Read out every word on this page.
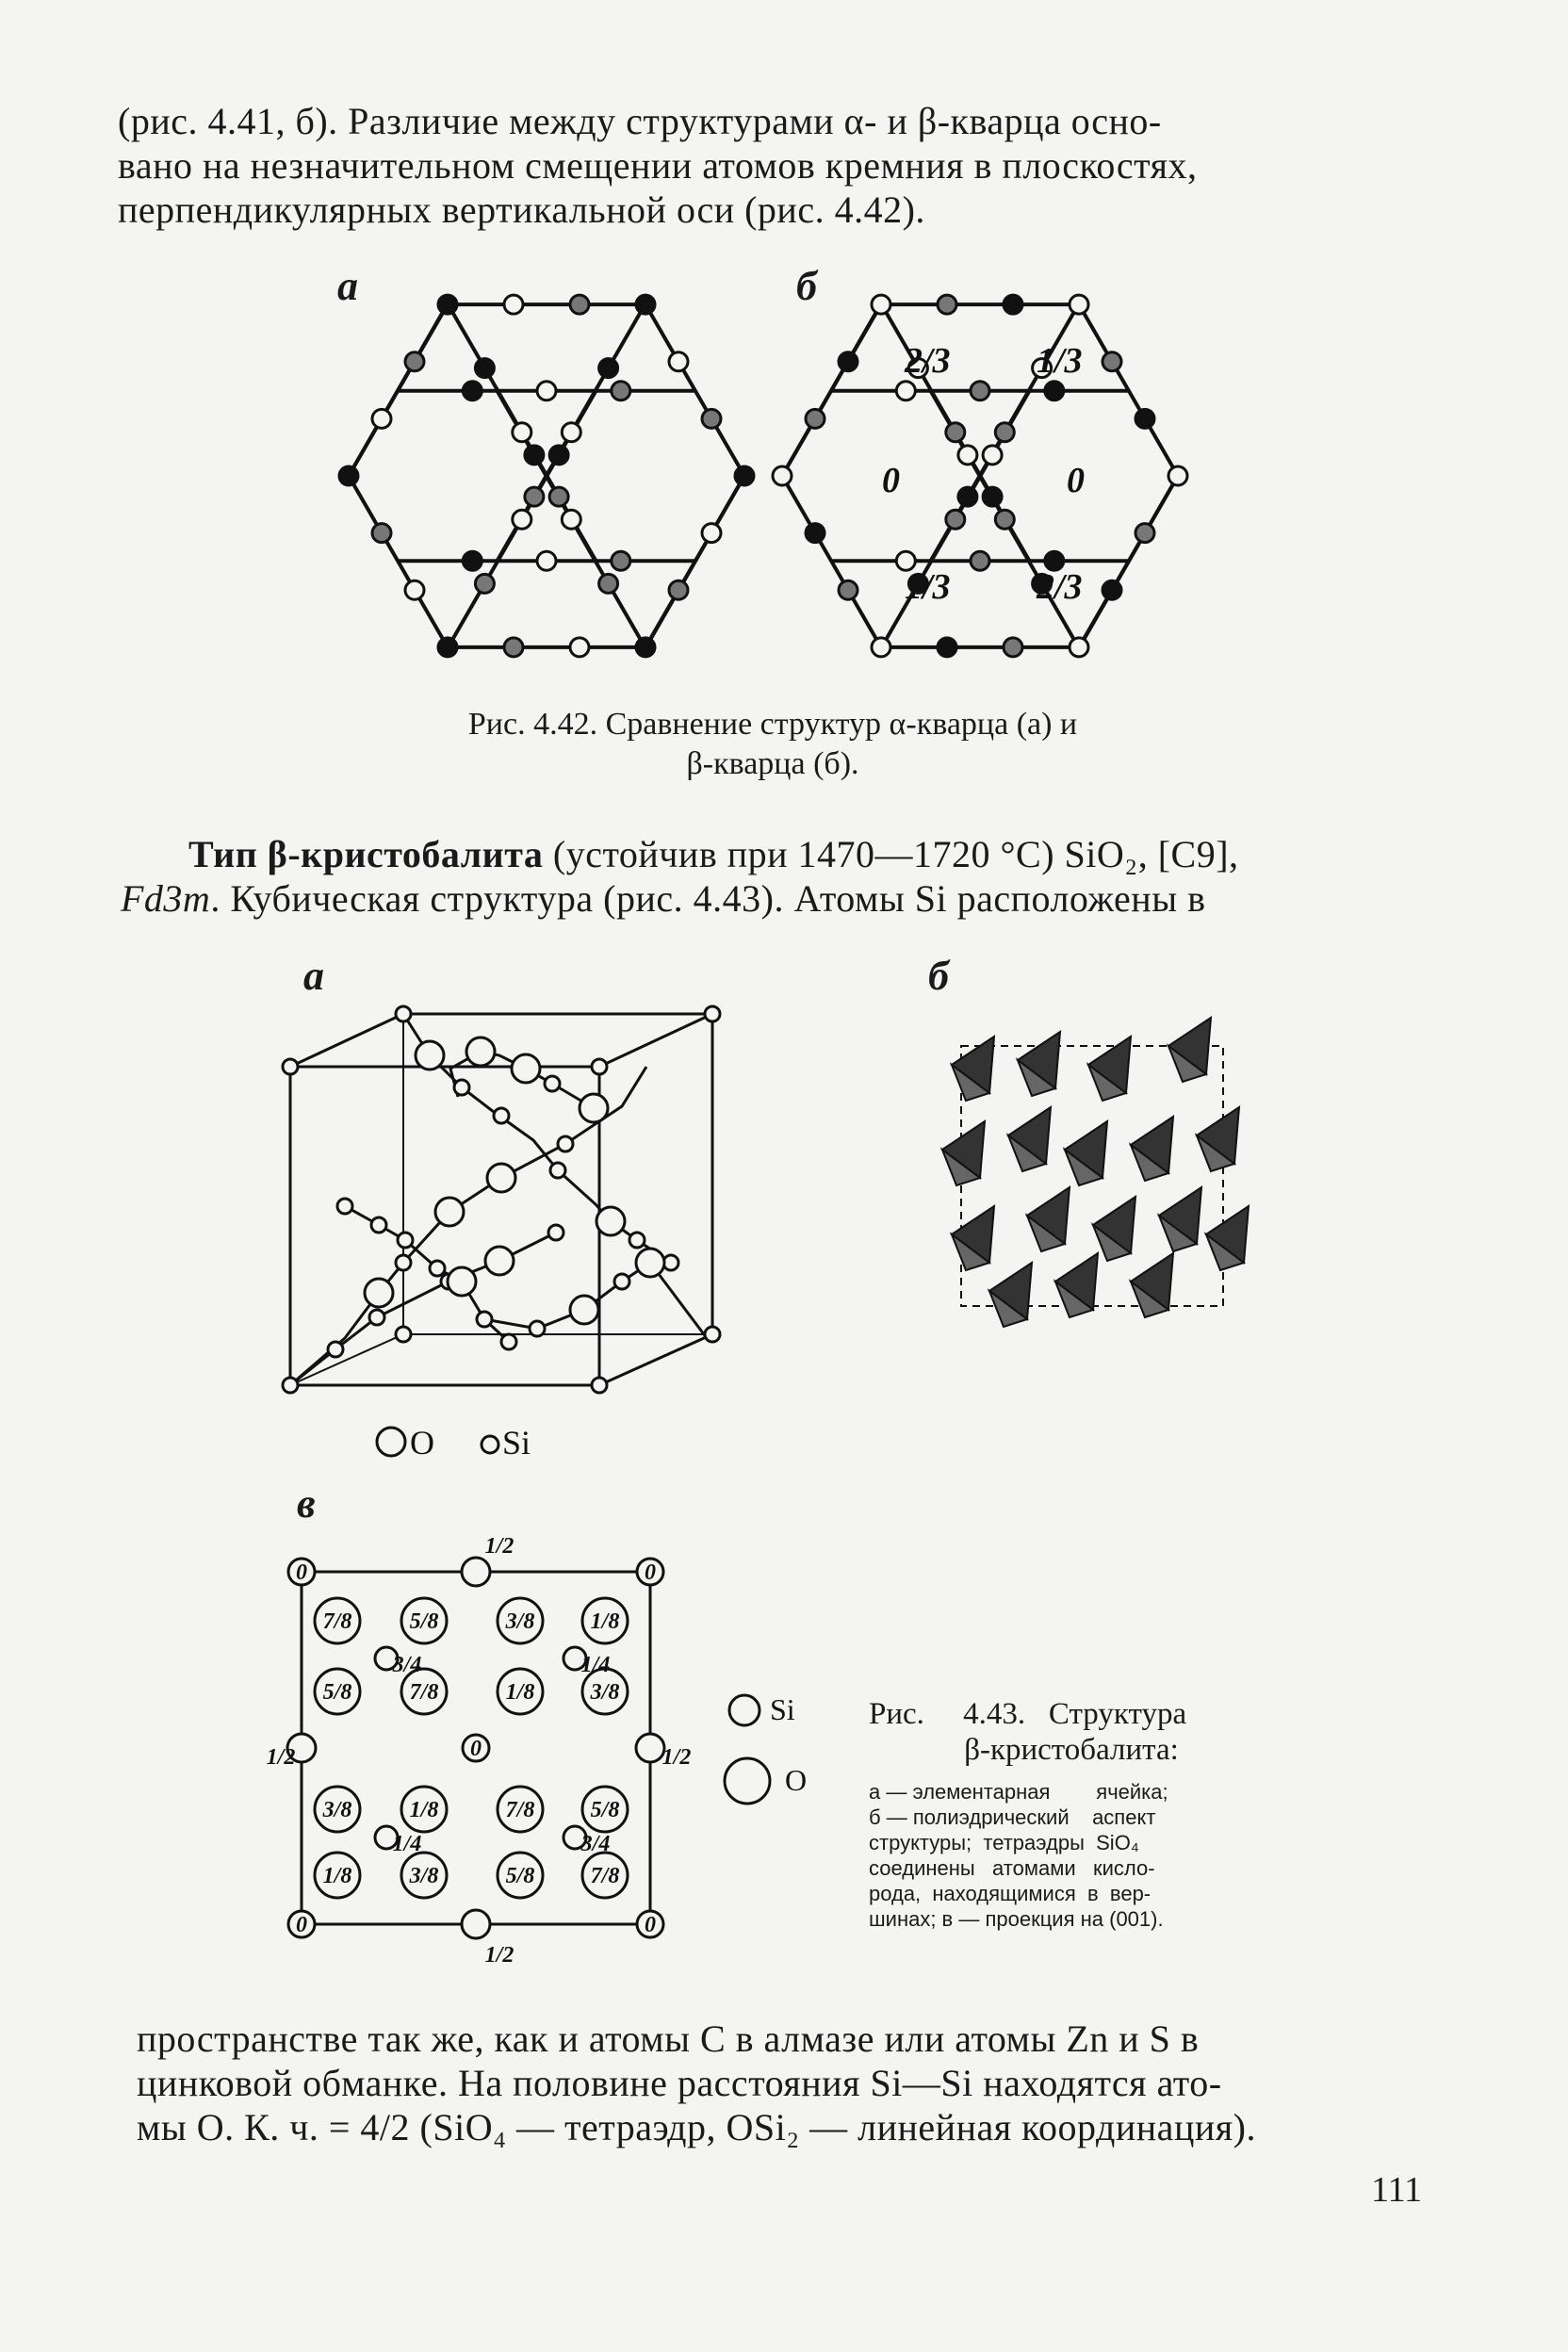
(рис. 4.41, б). Различие между структурами α- и β-кварца осно-
вано на незначительном смещении атомов кремния в плоскостях,
перпендикулярных вертикальной оси (рис. 4.42).
а	б
2/3 1/3
0	0
1/3 2/3
Рис. 4.42. Сравнение структур α-кварца (а) и
β-кварца (б).
Тип β-кристобалита (устойчив при 1470—1720 °С) SiO₂, [C9],
Fd3m. Кубическая структура (рис. 4.43). Атомы Si расположены в
а	б
в
O Si
0	0
0	0
1/2
1/2
1/2	1/2
0
7/8	5/8	3/8 1/8
5/8	7/8	1/8 3/8
3/8	1/8	7/8 5/8
1/8	3/8	5/8 7/8
3/4	1/4
1/4	3/4
Si
O
Рис.     4.43.   Структура
β-кристобалита:
а — элементарная        ячейка;
б — полиэдрический    аспект
структуры;  тетраэдры  SiO₄
соединены   атомами   кисло-
рода,  находящимися  в  вер-
шинах; в — проекция на (001).
пространстве так же, как и атомы C в алмазе или атомы Zn и S в
цинковой обманке. На половине расстояния Si—Si находятся ато-
мы O. К. ч. = 4/2 (SiO₄ — тетраэдр, OSi₂ — линейная координация).
111
